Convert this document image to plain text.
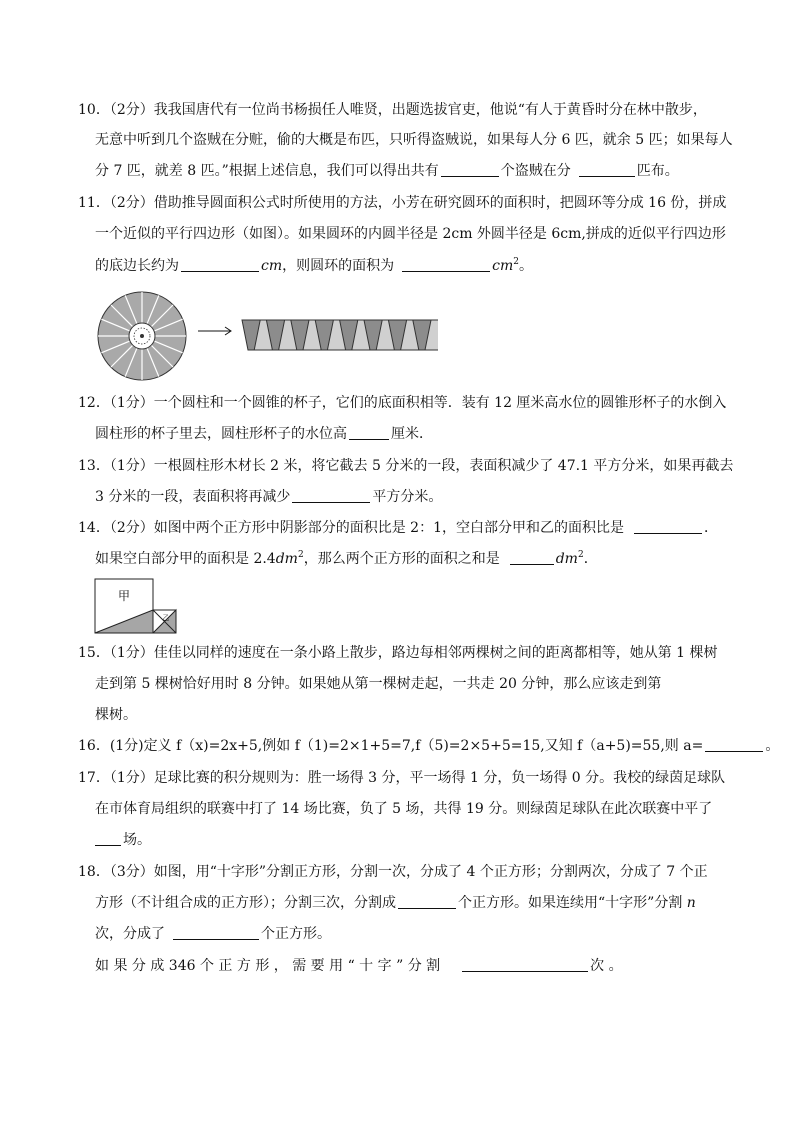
10．（2分）我我国唐代有一位尚书杨损任人唯贤，出题选拔官吏，他说“有人于黄昏时分在林中散步，
无意中听到几个盗贼在分赃，偷的大概是布匹，只听得盗贼说，如果每人分 6 匹，就余 5 匹；如果每人
分 7 匹，就差 8 匹。”根据上述信息，我们可以得出共有	个盗贼在分	匹布。
11．（2分）借助推导圆面积公式时所使用的方法，小芳在研究圆环的面积时，把圆环等分成 16 份，拼成
一个近似的平行四边形（如图）。如果圆环的内圆半径是 2cm 外圆半径是 6cm,拼成的近似平行四边形
的底边长约为	cm，则圆环的面积为	$cm^2$。
12．（1分）一个圆柱和一个圆锥的杯子，它们的底面积相等．装有 12 厘米高水位的圆锥形杯子的水倒入
圆柱形的杯子里去，圆柱形杯子的水位高	厘米．
13．（1分）一根圆柱形木材长 2 米，将它截去 5 分米的一段，表面积减少了 47.1 平方分米，如果再截去
3 分米的一段，表面积将再减少	平方分米。
14．（2分）如图中两个正方形中阴影部分的面积比是 2：1，空白部分甲和乙的面积比是	．
如果空白部分甲的面积是 $2.4dm^2$，那么两个正方形的面积之和是	$dm^2$．
甲
乙
15．（1分）佳佳以同样的速度在一条小路上散步，路边每相邻两棵树之间的距离都相等，她从第 1 棵树
走到第 5 棵树恰好用时 8 分钟。如果她从第一棵树走起，一共走 20 分钟，那么应该走到第
棵树。
16．(1分)定义 f（x)=2x+5,例如 f（1)=2×1+5=7,f（5)=2×5+5=15,又知 f（a+5)=55,则 a=	。
17．（1分）足球比赛的积分规则为：胜一场得 3 分，平一场得 1 分，负一场得 0 分。我校的绿茵足球队
在市体育局组织的联赛中打了 14 场比赛，负了 5 场，共得 19 分。则绿茵足球队在此次联赛中平了
场。
18．（3分）如图，用“十字形”分割正方形，分割一次，分成了 4 个正方形；分割两次，分成了 7 个正
方形（不计组合成的正方形）；分割三次，分割成	个正方形。如果连续用“十字形”分割 n
次，分成了	个正方形。
如 果 分 成 346 个 正 方 形 ， 需 要 用 “ 十 字 ” 分 割	次 。
